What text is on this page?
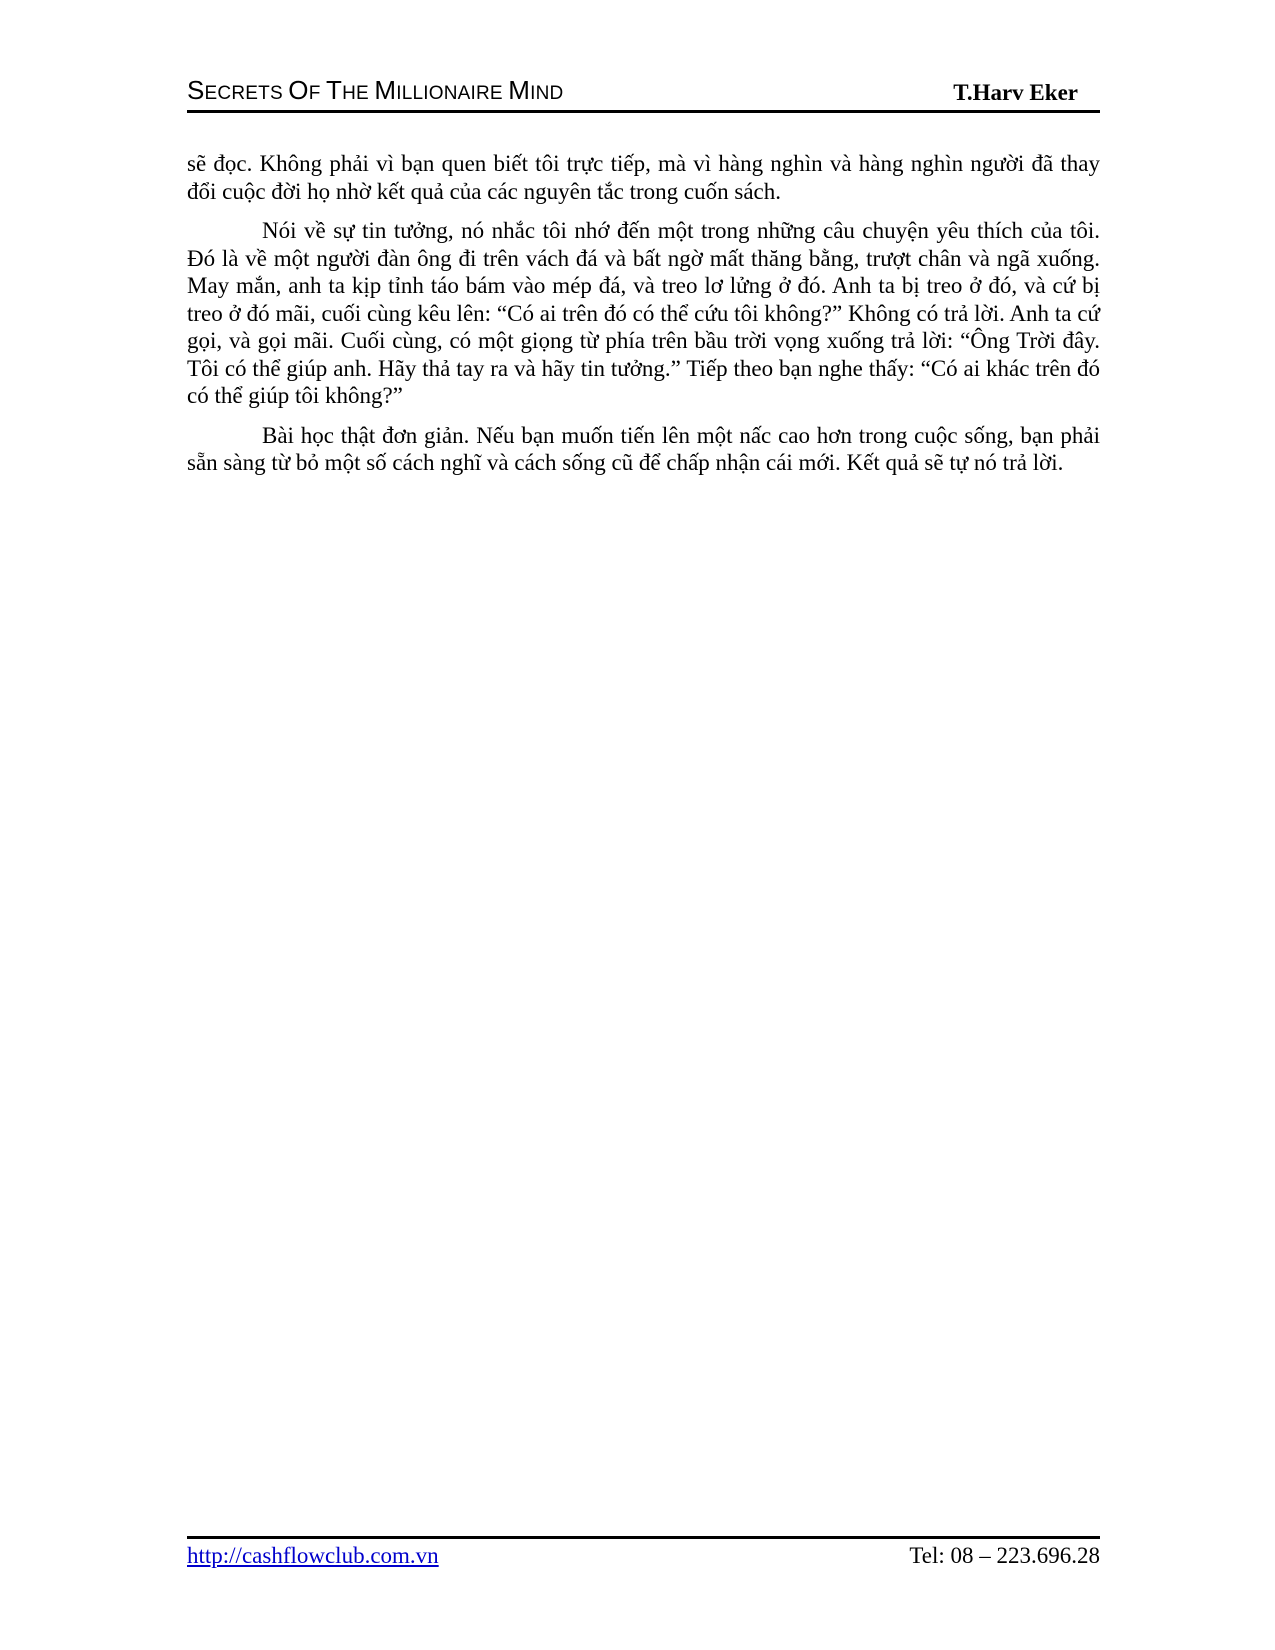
SECRETS OF THE MILLIONAIRE MIND	T.Harv Eker

sẽ đọc. Không phải vì bạn quen biết tôi trực tiếp, mà vì hàng nghìn và hàng nghìn người đã thay đổi cuộc đời họ nhờ kết quả của các nguyên tắc trong cuốn sách.

Nói về sự tin tưởng, nó nhắc tôi nhớ đến một trong những câu chuyện yêu thích của tôi. Đó là về một người đàn ông đi trên vách đá và bất ngờ mất thăng bằng, trượt chân và ngã xuống. May mắn, anh ta kịp tỉnh táo bám vào mép đá, và treo lơ lửng ở đó. Anh ta bị treo ở đó, và cứ bị treo ở đó mãi, cuối cùng kêu lên: “Có ai trên đó có thể cứu tôi không?” Không có trả lời. Anh ta cứ gọi, và gọi mãi. Cuối cùng, có một giọng từ phía trên bầu trời vọng xuống trả lời: “Ông Trời đây. Tôi có thể giúp anh. Hãy thả tay ra và hãy tin tưởng.” Tiếp theo bạn nghe thấy: “Có ai khác trên đó có thể giúp tôi không?”

Bài học thật đơn giản. Nếu bạn muốn tiến lên một nấc cao hơn trong cuộc sống, bạn phải sẵn sàng từ bỏ một số cách nghĩ và cách sống cũ để chấp nhận cái mới. Kết quả sẽ tự nó trả lời.

http://cashflowclub.com.vn	Tel: 08 – 223.696.28
